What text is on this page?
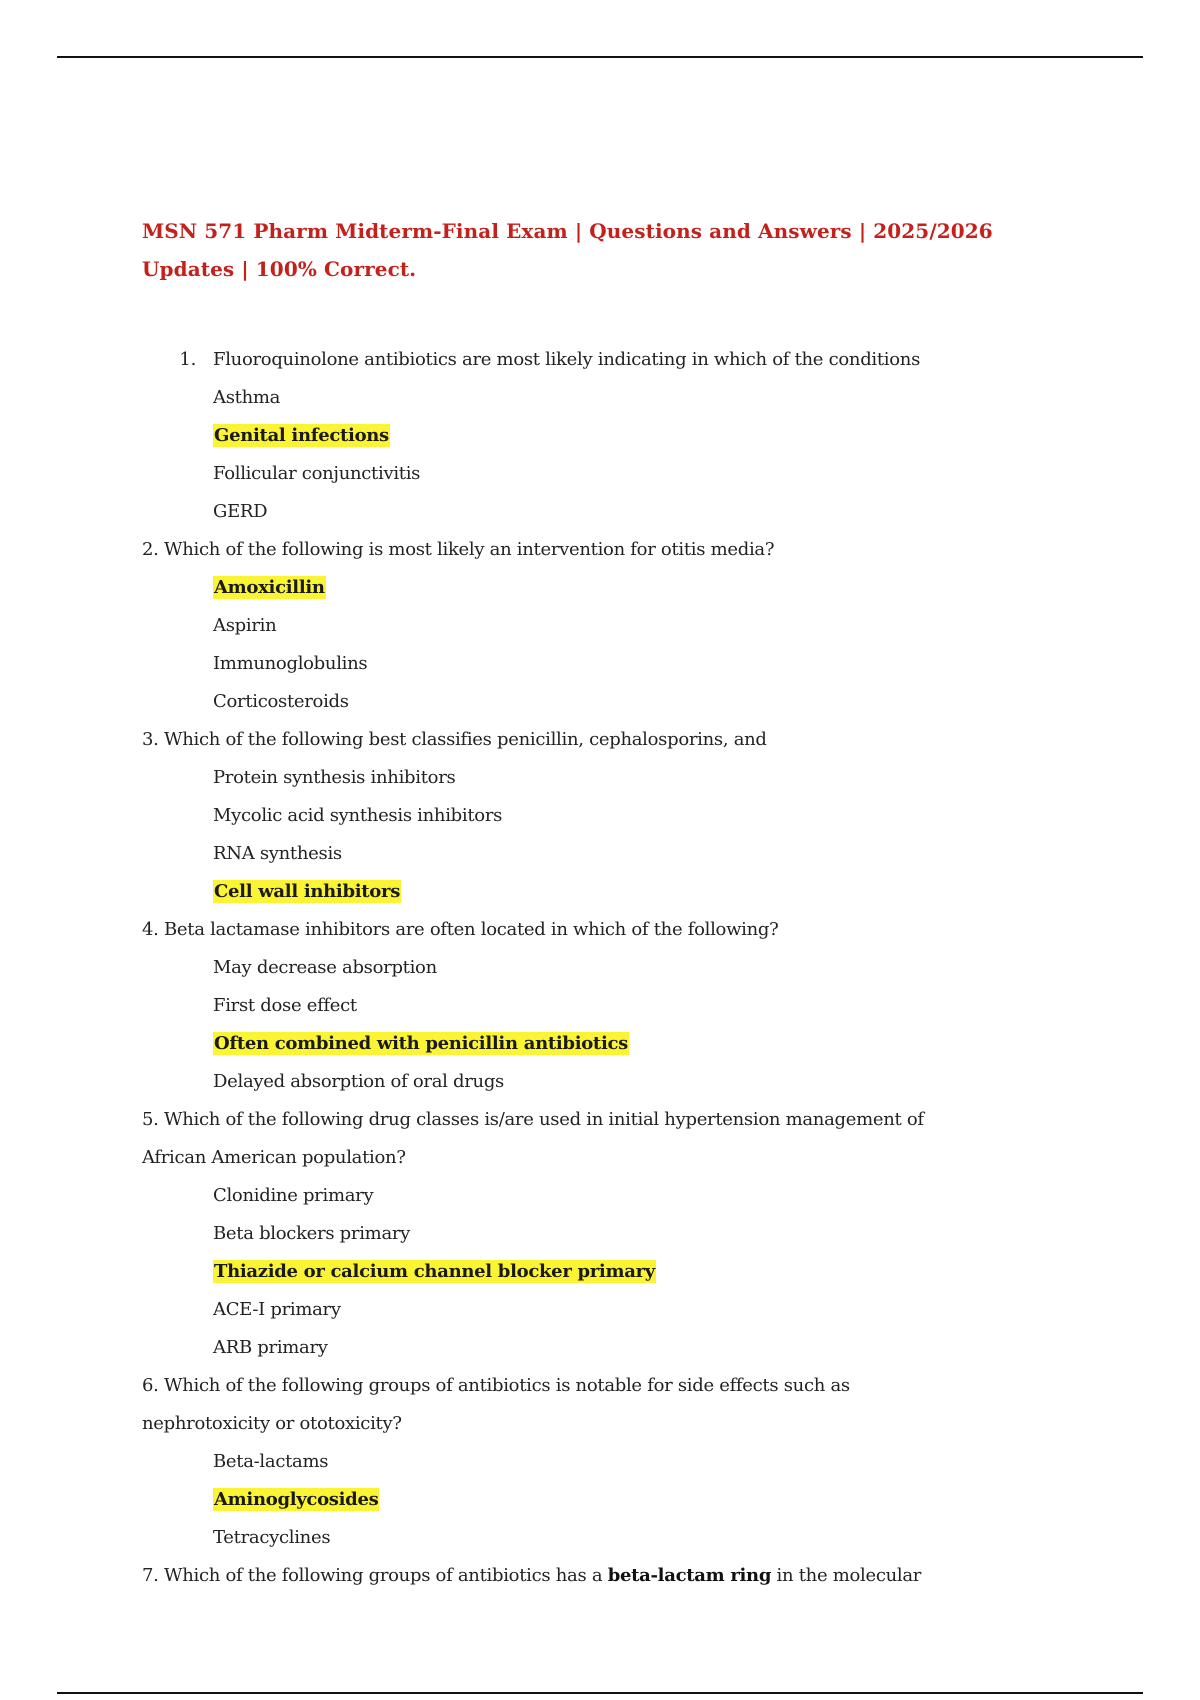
MSN 571 Pharm Midterm-Final Exam | Questions and Answers | 2025/2026
Updates | 100% Correct.
1. Fluoroquinolone antibiotics are most likely indicating in which of the conditions
Asthma
Genital infections
Follicular conjunctivitis
GERD
2. Which of the following is most likely an intervention for otitis media?
Amoxicillin
Aspirin
Immunoglobulins
Corticosteroids
3. Which of the following best classifies penicillin, cephalosporins, and
Protein synthesis inhibitors
Mycolic acid synthesis inhibitors
RNA synthesis
Cell wall inhibitors
4. Beta lactamase inhibitors are often located in which of the following?
May decrease absorption
First dose effect
Often combined with penicillin antibiotics
Delayed absorption of oral drugs
5. Which of the following drug classes is/are used in initial hypertension management of
African American population?
Clonidine primary
Beta blockers primary
Thiazide or calcium channel blocker primary
ACE-I primary
ARB primary
6. Which of the following groups of antibiotics is notable for side effects such as
nephrotoxicity or ototoxicity?
Beta-lactams
Aminoglycosides
Tetracyclines
7. Which of the following groups of antibiotics has a beta-lactam ring in the molecular
